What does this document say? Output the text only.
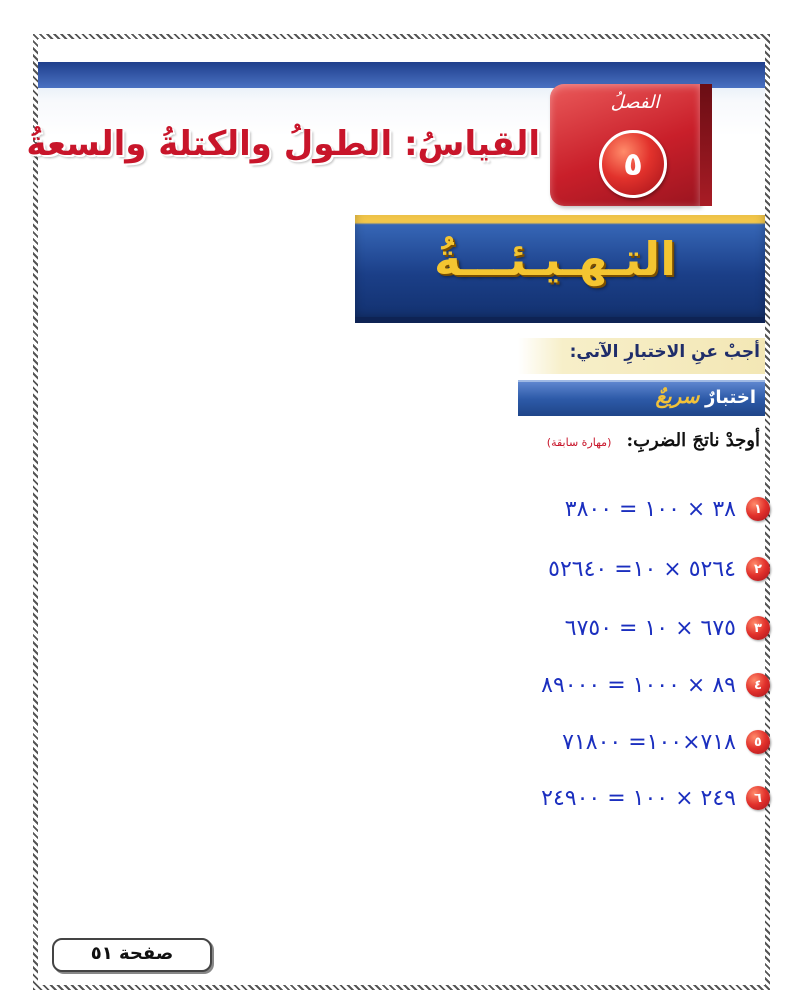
الفصلُ
٥
القياسُ: الطولُ والكتلةُ والسعةُ
التـهـيـئـــةُ
أجبْ عنِ الاختبارِ الآتي:
اختبارٌ سريعٌ
أوجدْ ناتجَ الضربِ: (مهارة سابقة)
١
٣٨ × ١٠٠ = ٣٨٠٠
٢
٥٢٦٤ × ١٠= ٥٢٦٤٠
٣
٦٧٥ × ١٠ = ٦٧٥٠
٤
٨٩ × ١٠٠٠ = ٨٩٠٠٠
٥
٧١٨×١٠٠= ٧١٨٠٠
٦
٢٤٩ × ١٠٠ = ٢٤٩٠٠
صفحة ٥١
